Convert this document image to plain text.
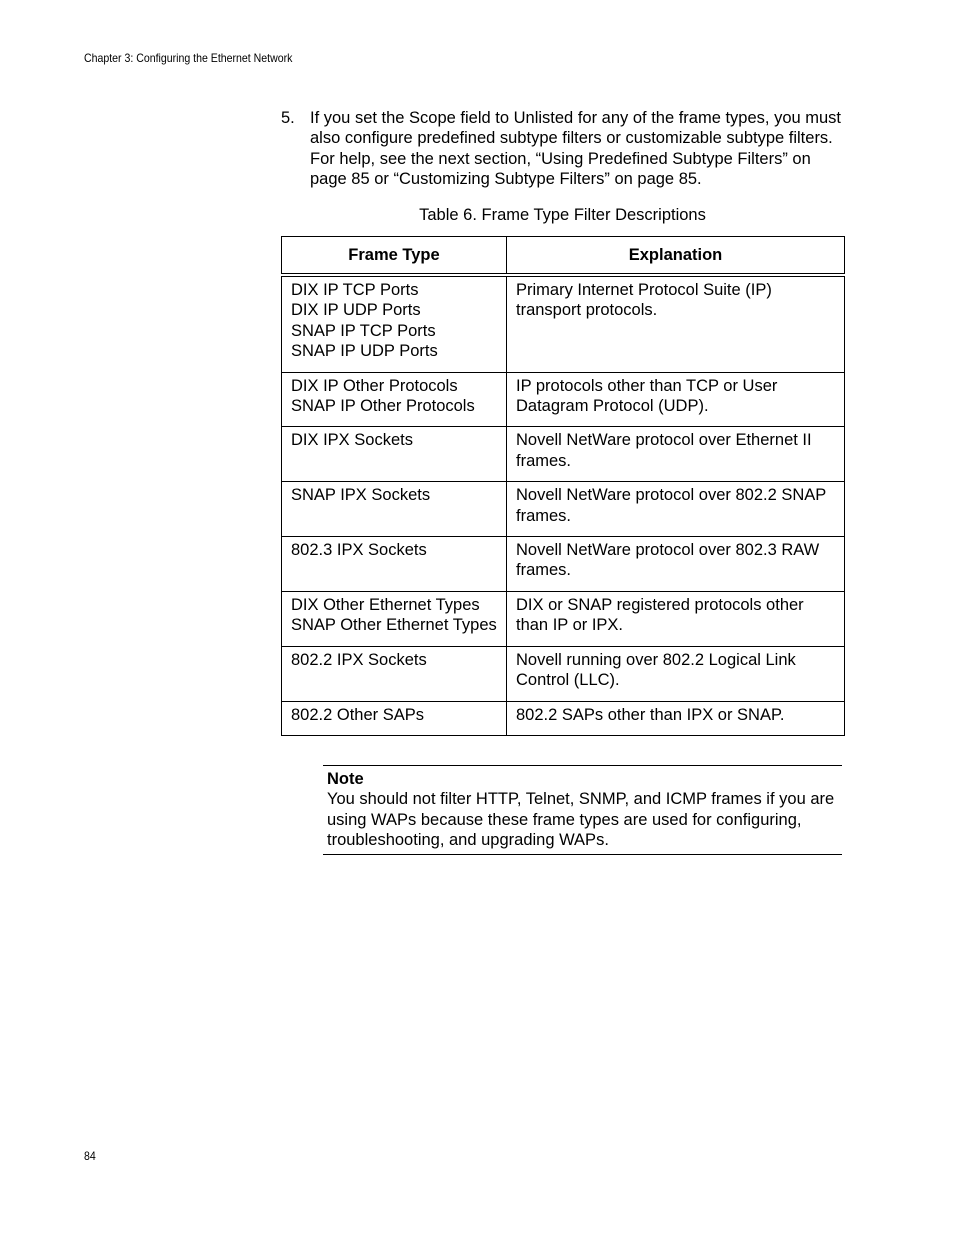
Chapter 3: Configuring the Ethernet Network
5. If you set the Scope field to Unlisted for any of the frame types, you must also configure predefined subtype filters or customizable subtype filters. For help, see the next section, “Using Predefined Subtype Filters” on page 85 or “Customizing Subtype Filters” on page 85.
Table 6. Frame Type Filter Descriptions
Frame Type	Explanation

DIX IP TCP Ports
DIX IP UDP Ports
SNAP IP TCP Ports
SNAP IP UDP Ports	Primary Internet Protocol Suite (IP) transport protocols.

DIX IP Other Protocols
SNAP IP Other Protocols	IP protocols other than TCP or User Datagram Protocol (UDP).

DIX IPX Sockets	Novell NetWare protocol over Ethernet II frames.

SNAP IPX Sockets	Novell NetWare protocol over 802.2 SNAP frames.

802.3 IPX Sockets	Novell NetWare protocol over 802.3 RAW frames.

DIX Other Ethernet Types
SNAP Other Ethernet Types	DIX or SNAP registered protocols other than IP or IPX.

802.2 IPX Sockets	Novell running over 802.2 Logical Link Control (LLC).

802.2 Other SAPs	802.2 SAPs other than IPX or SNAP.
Note
You should not filter HTTP, Telnet, SNMP, and ICMP frames if you are using WAPs because these frame types are used for configuring, troubleshooting, and upgrading WAPs.
84
